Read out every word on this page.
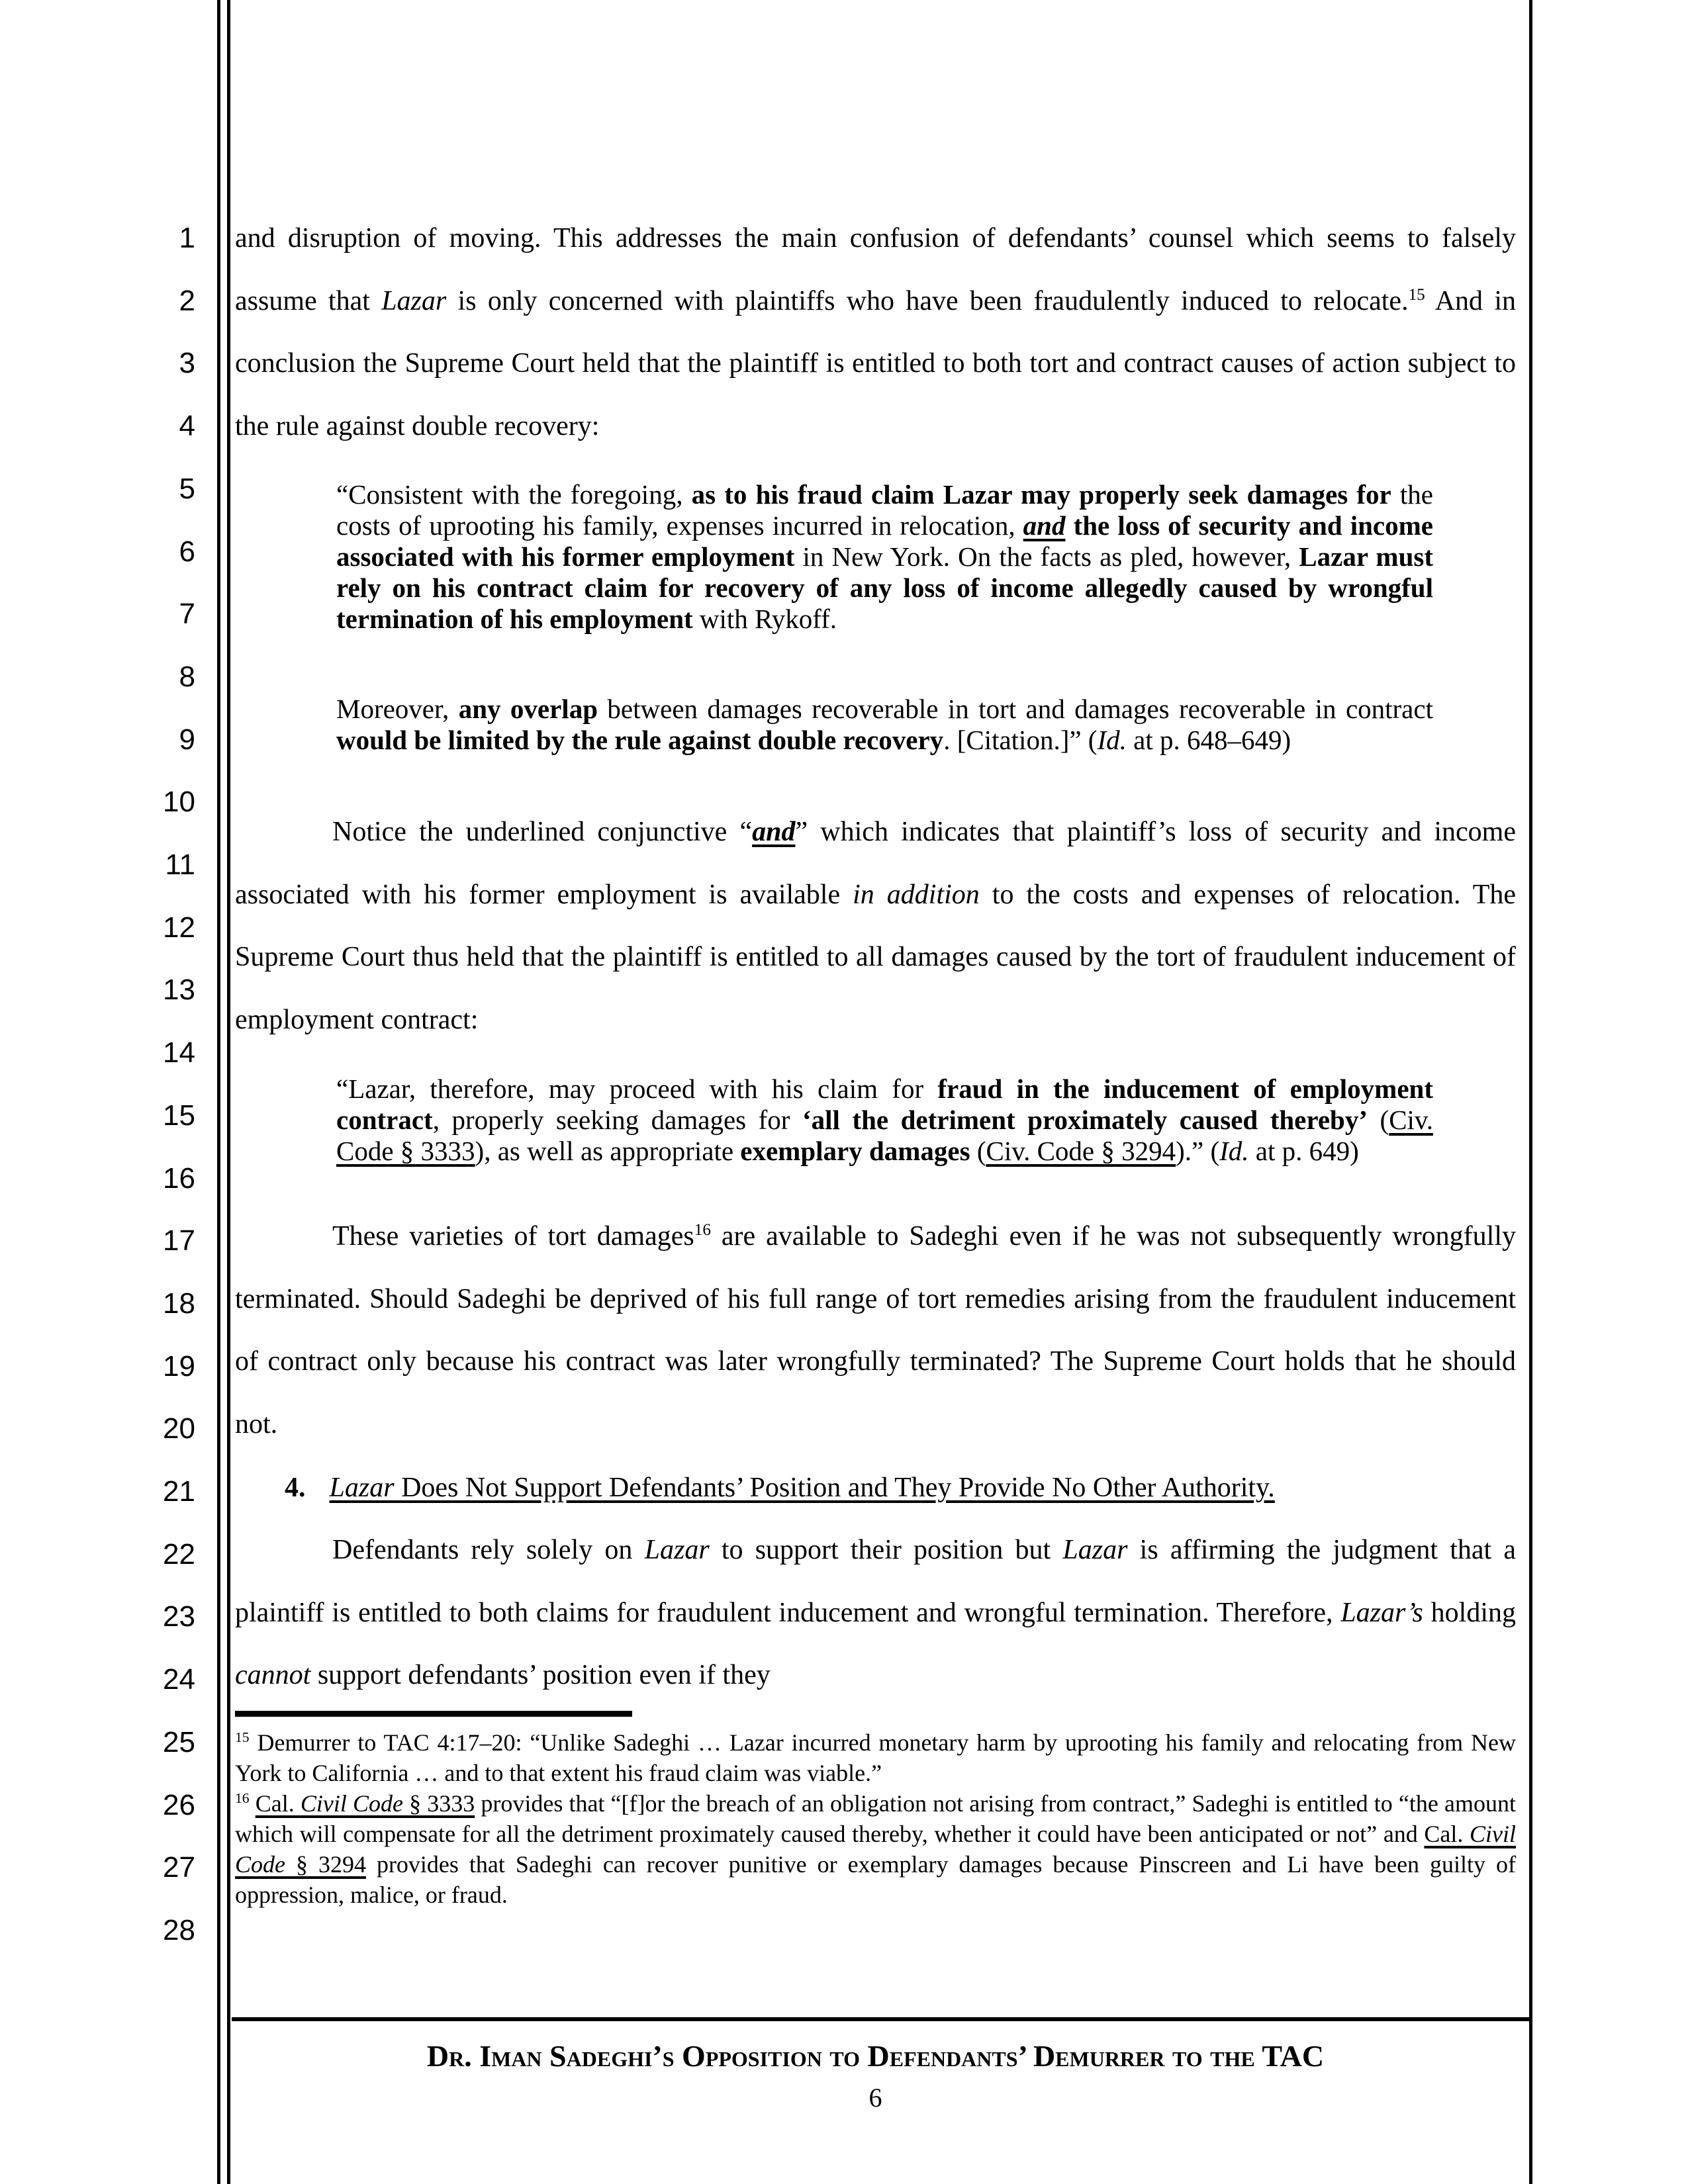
1
2
3
4
5
6
7
8
9
10
11
12
13
14
15
16
17
18
19
20
21
22
23
24
25
26
27
28
and disruption of moving. This addresses the main confusion of defendants’ counsel which seems to falsely assume that Lazar is only concerned with plaintiffs who have been fraudulently induced to relocate.$^{15}$ And in conclusion the Supreme Court held that the plaintiff is entitled to both tort and contract causes of action subject to the rule against double recovery:
“Consistent with the foregoing, as to his fraud claim Lazar may properly seek damages for the costs of uprooting his family, expenses incurred in relocation, and the loss of security and income associated with his former employment in New York. On the facts as pled, however, Lazar must rely on his contract claim for recovery of any loss of income allegedly caused by wrongful termination of his employment with Rykoff.
Moreover, any overlap between damages recoverable in tort and damages recoverable in contract would be limited by the rule against double recovery. [Citation.]” (Id. at p. 648–649)
Notice the underlined conjunctive “and” which indicates that plaintiff’s loss of security and income associated with his former employment is available in addition to the costs and expenses of relocation. The Supreme Court thus held that the plaintiff is entitled to all damages caused by the tort of fraudulent inducement of employment contract:
“Lazar, therefore, may proceed with his claim for fraud in the inducement of employment contract, properly seeking damages for ‘all the detriment proximately caused thereby’ (Civ. Code § 3333), as well as appropriate exemplary damages (Civ. Code § 3294).” (Id. at p. 649)
These varieties of tort damages$^{16}$ are available to Sadeghi even if he was not subsequently wrongfully terminated. Should Sadeghi be deprived of his full range of tort remedies arising from the fraudulent inducement of contract only because his contract was later wrongfully terminated? The Supreme Court holds that he should not.
4. Lazar Does Not Support Defendants’ Position and They Provide No Other Authority.
Defendants rely solely on Lazar to support their position but Lazar is affirming the judgment that a plaintiff is entitled to both claims for fraudulent inducement and wrongful termination. Therefore, Lazar’s holding cannot support defendants’ position even if they
$^{15}$ Demurrer to TAC 4:17–20: “Unlike Sadeghi … Lazar incurred monetary harm by uprooting his family and relocating from New York to California … and to that extent his fraud claim was viable.”
$^{16}$ Cal. Civil Code § 3333 provides that “[f]or the breach of an obligation not arising from contract,” Sadeghi is entitled to “the amount which will compensate for all the detriment proximately caused thereby, whether it could have been anticipated or not” and Cal. Civil Code § 3294 provides that Sadeghi can recover punitive or exemplary damages because Pinscreen and Li have been guilty of oppression, malice, or fraud.
Dr. Iman Sadeghi’s Opposition to Defendants’ Demurrer to the TAC
6
